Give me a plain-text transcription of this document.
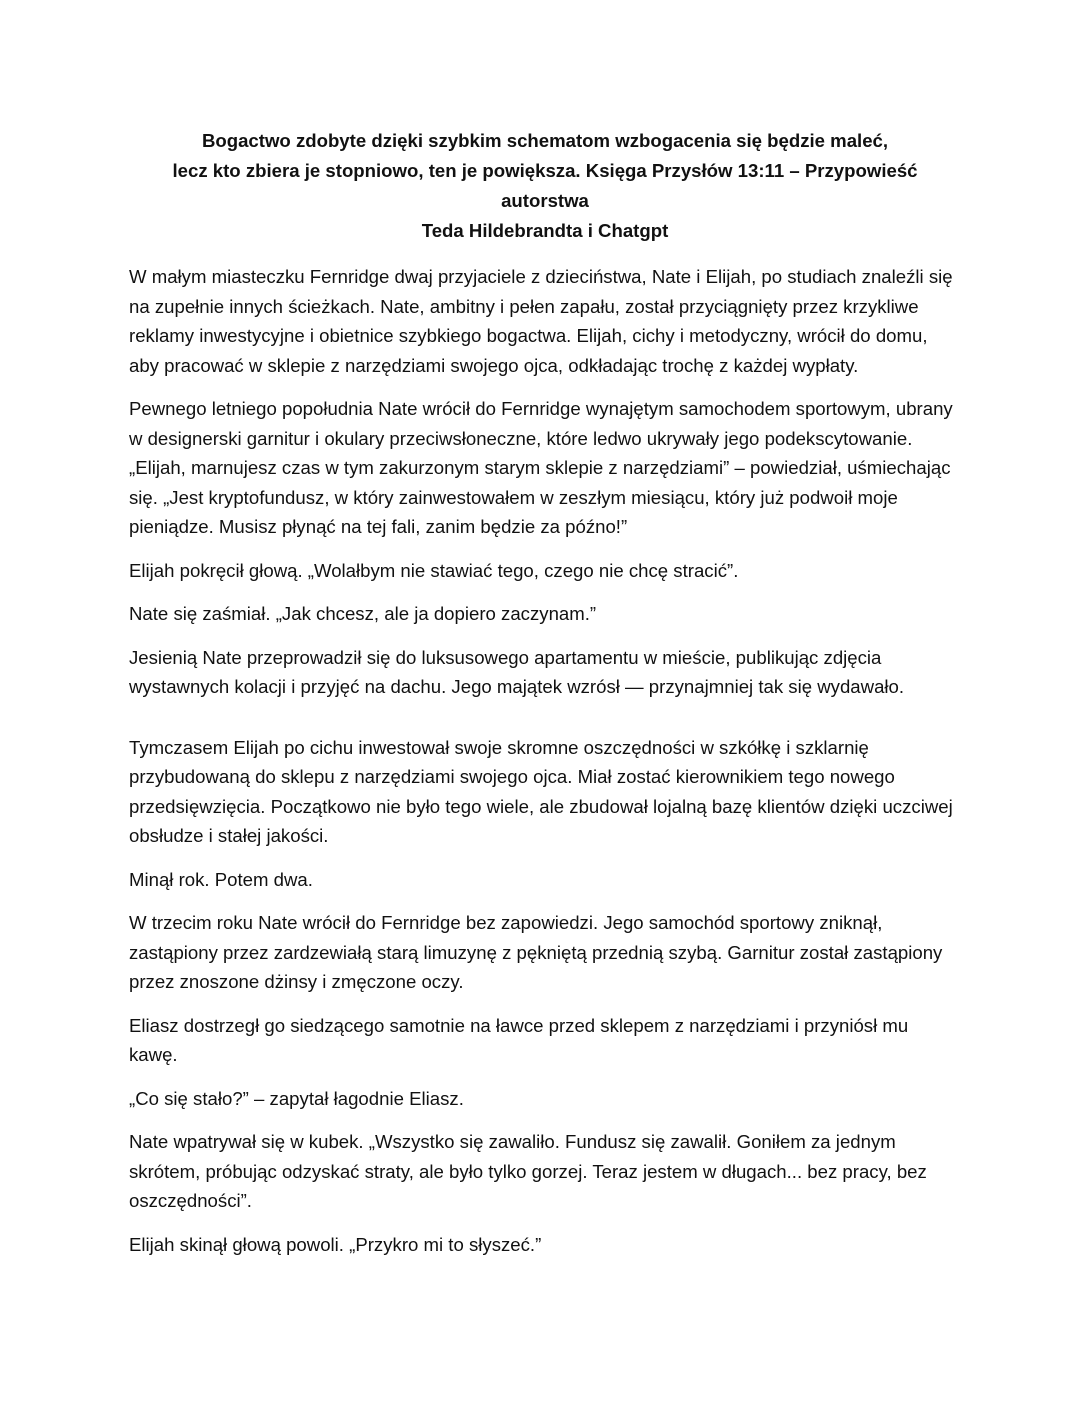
Bogactwo zdobyte dzięki szybkim schematom wzbogacenia się będzie maleć,
lecz kto zbiera je stopniowo, ten je powiększa. Księga Przysłów 13:11 – Przypowieść autorstwa
Teda Hildebrandta i Chatgpt

W małym miasteczku Fernridge dwaj przyjaciele z dzieciństwa, Nate i Elijah, po studiach znaleźli się na zupełnie innych ścieżkach. Nate, ambitny i pełen zapału, został przyciągnięty przez krzykliwe reklamy inwestycyjne i obietnice szybkiego bogactwa. Elijah, cichy i metodyczny, wrócił do domu, aby pracować w sklepie z narzędziami swojego ojca, odkładając trochę z każdej wypłaty.

Pewnego letniego popołudnia Nate wrócił do Fernridge wynajętym samochodem sportowym, ubrany w designerski garnitur i okulary przeciwsłoneczne, które ledwo ukrywały jego podekscytowanie. „Elijah, marnujesz czas w tym zakurzonym starym sklepie z narzędziami” – powiedział, uśmiechając się. „Jest kryptofundusz, w który zainwestowałem w zeszłym miesiącu, który już podwoił moje pieniądze. Musisz płynąć na tej fali, zanim będzie za późno!”

Elijah pokręcił głową. „Wolałbym nie stawiać tego, czego nie chcę stracić”.

Nate się zaśmiał. „Jak chcesz, ale ja dopiero zaczynam.”

Jesienią Nate przeprowadził się do luksusowego apartamentu w mieście, publikując zdjęcia wystawnych kolacji i przyjęć na dachu. Jego majątek wzrósł — przynajmniej tak się wydawało.

Tymczasem Elijah po cichu inwestował swoje skromne oszczędności w szkółkę i szklarnię przybudowaną do sklepu z narzędziami swojego ojca. Miał zostać kierownikiem tego nowego przedsięwzięcia. Początkowo nie było tego wiele, ale zbudował lojalną bazę klientów dzięki uczciwej obsłudze i stałej jakości.

Minął rok. Potem dwa.

W trzecim roku Nate wrócił do Fernridge bez zapowiedzi. Jego samochód sportowy zniknął, zastąpiony przez zardzewiałą starą limuzynę z pękniętą przednią szybą. Garnitur został zastąpiony przez znoszone dżinsy i zmęczone oczy.

Eliasz dostrzegł go siedzącego samotnie na ławce przed sklepem z narzędziami i przyniósł mu kawę.

„Co się stało?” – zapytał łagodnie Eliasz.

Nate wpatrywał się w kubek. „Wszystko się zawaliło. Fundusz się zawalił. Goniłem za jednym skrótem, próbując odzyskać straty, ale było tylko gorzej. Teraz jestem w długach... bez pracy, bez oszczędności”.

Elijah skinął głową powoli. „Przykro mi to słyszeć.”
